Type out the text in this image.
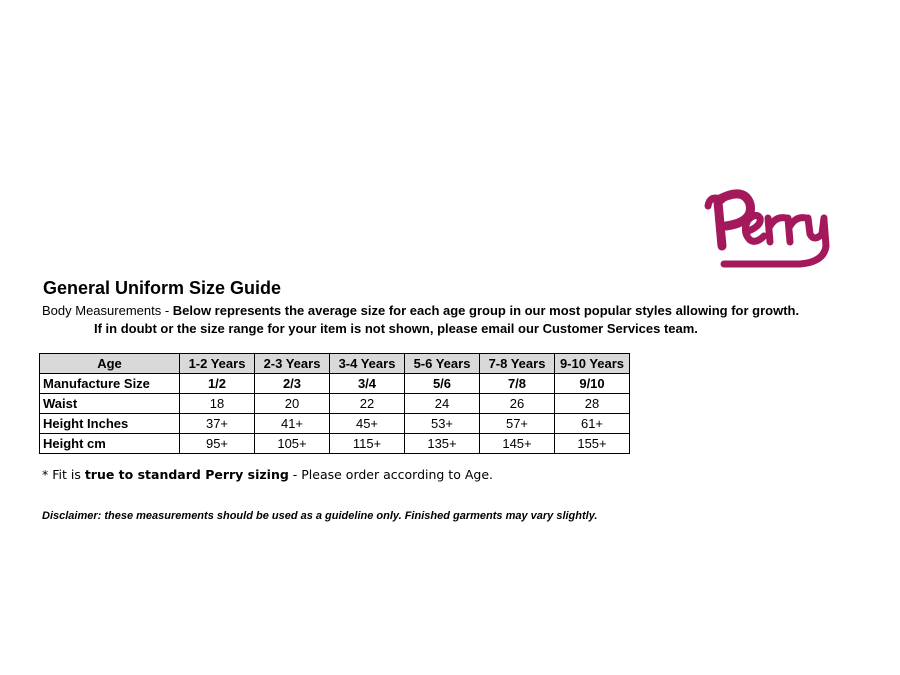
General Uniform Size Guide
Body Measurements - Below represents the average size for each age group in our most popular styles allowing for growth.
If in doubt or the size range for your item is not shown, please email our Customer Services team.
Age	1-2 Years	2-3 Years	3-4 Years	5-6 Years	7-8 Years	9-10 Years
Manufacture Size	1/2	2/3	3/4	5/6	7/8	9/10
Waist	18	20	22	24	26	28
Height Inches	37+	41+	45+	53+	57+	61+
Height cm	95+	105+	115+	135+	145+	155+
* Fit is true to standard Perry sizing - Please order according to Age.
Disclaimer: these measurements should be used as a guideline only. Finished garments may vary slightly.
